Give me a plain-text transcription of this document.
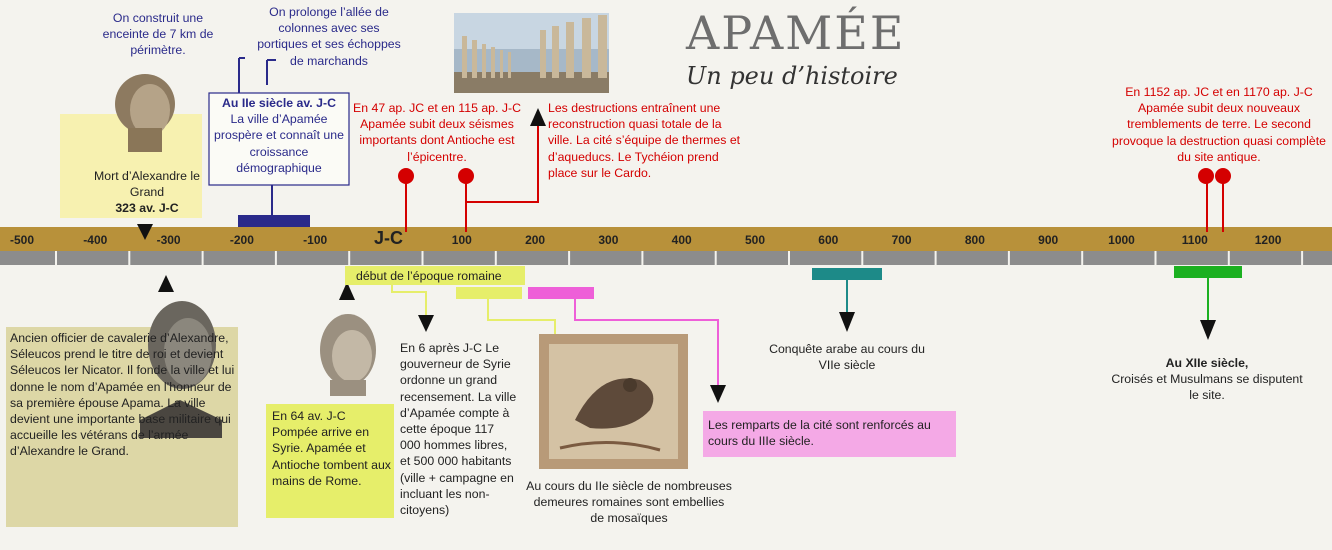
APAMÉE
Un peu d’histoire
-500	-400	-300	-200	-100	J-C	100	200	300	400	500	600	700	800	900	1000	1100	1200
On construit une enceinte de 7 km de périmètre.
On prolonge l’allée de colonnes avec ses portiques et ses échoppes de marchands
Au IIe siècle av. J-C
La ville d’Apamée prospère et connaît une croissance démographique
Mort d’Alexandre le Grand
323 av. J-C
Ancien officier de cavalerie d’Alexandre, Séleucos prend le titre de roi et devient Séleucos Ier Nicator. Il fonde la ville et lui donne le nom d’Apamée en l’honneur de sa première épouse Apama. La ville devient une importante base militaire qui accueille les vétérans de l’armée d’Alexandre le Grand.
En 64 av. J-C Pompée arrive en Syrie. Apamée et Antioche tombent aux mains de Rome.
début de l’époque romaine
En 6 après J-C Le gouverneur de Syrie ordonne un grand recensement. La ville d’Apamée compte à cette époque 117 000 hommes libres, et 500 000 habitants (ville + campagne en incluant les non-citoyens)
En 47 ap. JC et en 115 ap. J-C Apamée subit deux séismes importants dont Antioche est l’épicentre.
Les destructions entraînent une reconstruction quasi totale de la ville. La cité s’équipe de thermes et d’aqueducs. Le Tychéion prend place sur le Cardo.
Au cours du IIe siècle de nombreuses demeures romaines sont embellies de mosaïques
Les remparts de la cité sont renforcés au cours du IIIe siècle.
Conquête arabe au cours du VIIe siècle
En 1152 ap. JC et en 1170 ap. J-C Apamée subit deux nouveaux tremblements de terre. Le second provoque la destruction quasi complète du site antique.
Au XIIe siècle,
Croisés et Musulmans se disputent le site.
